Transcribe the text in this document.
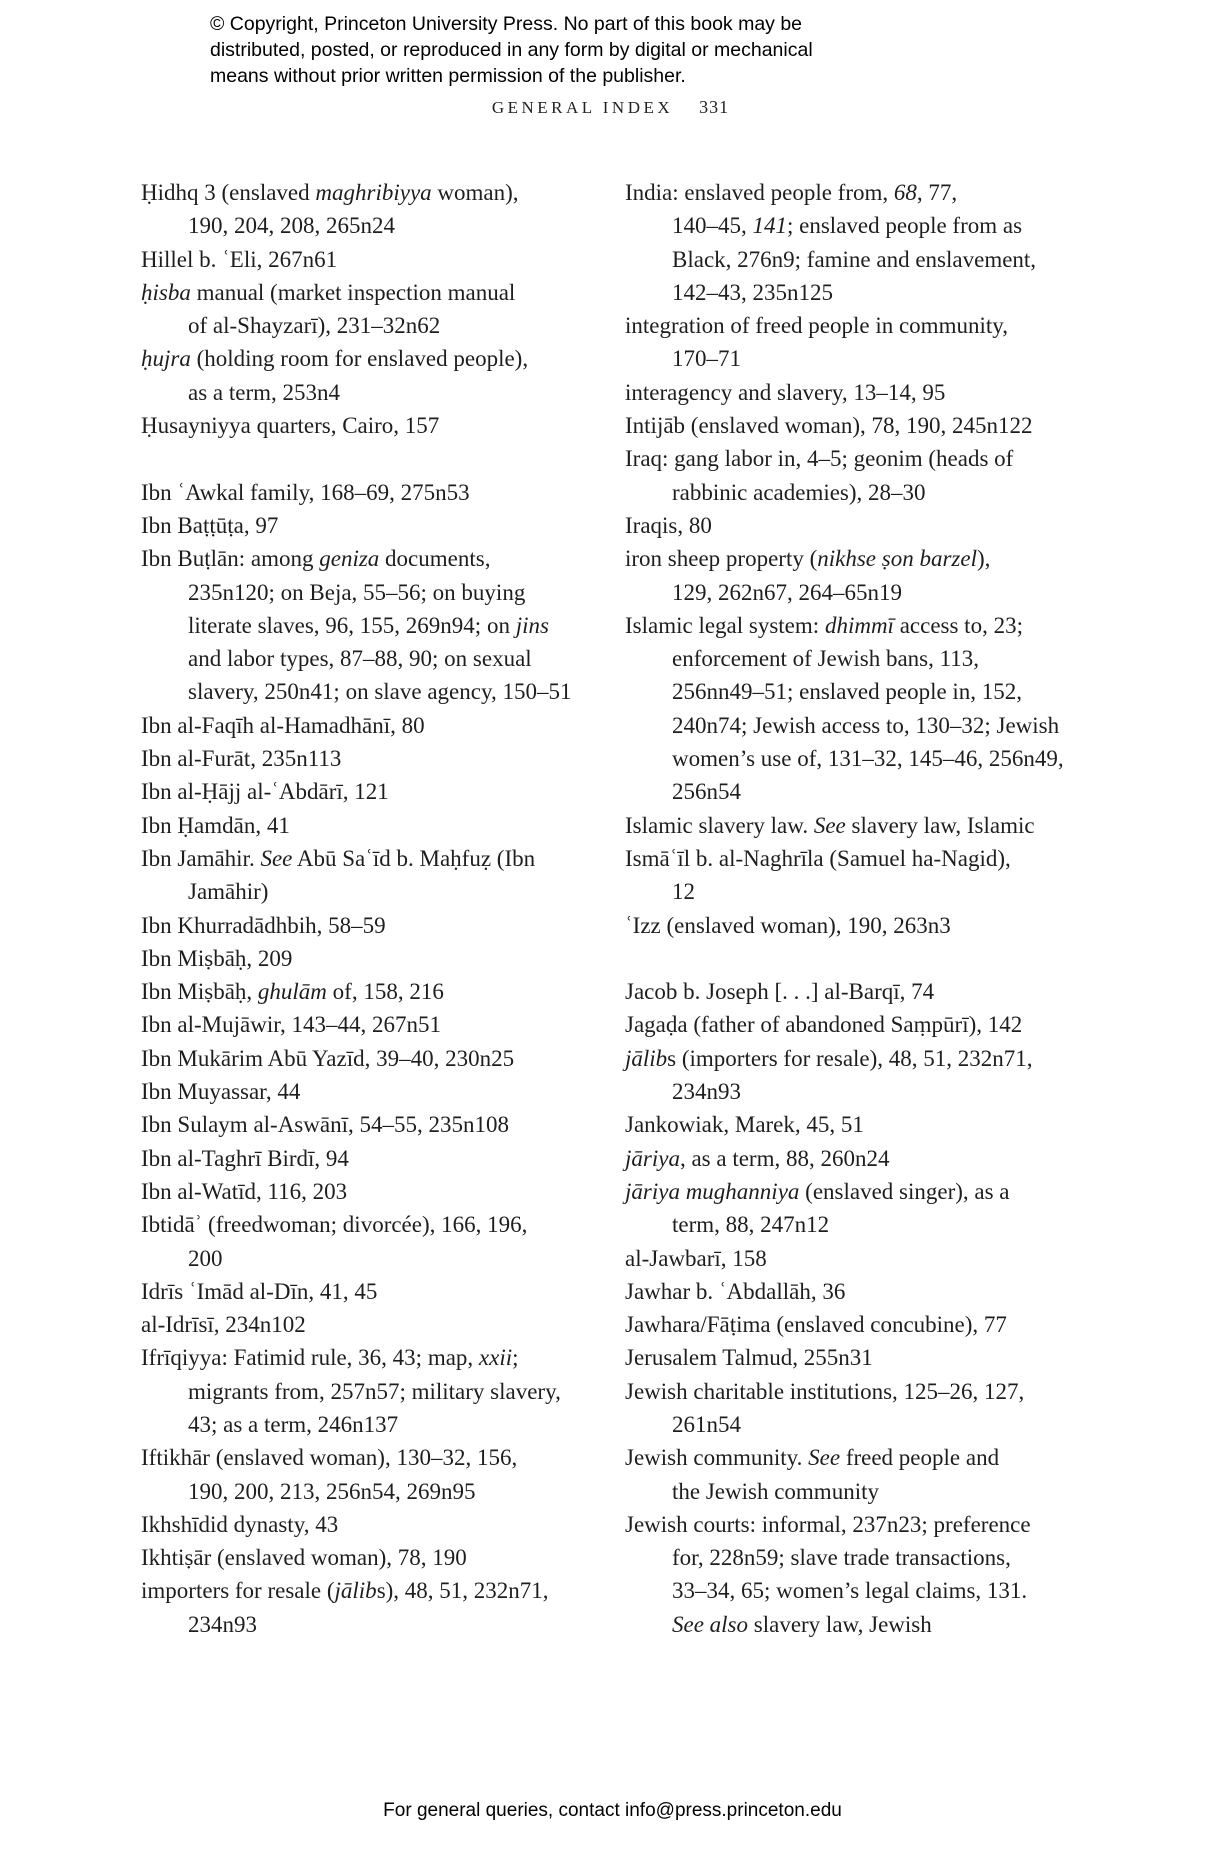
© Copyright, Princeton University Press. No part of this book may be
distributed, posted, or reproduced in any form by digital or mechanical
means without prior written permission of the publisher.
GENERAL INDEX 331
Ḥidhq 3 (enslaved maghribiyya woman),
190, 204, 208, 265n24
Hillel b. ʿEli, 267n61
ḥisba manual (market inspection manual
of al-Shayzarī), 231–32n62
ḥujra (holding room for enslaved people),
as a term, 253n4
Ḥusayniyya quarters, Cairo, 157
Ibn ʿAwkal family, 168–69, 275n53
Ibn Baṭṭūṭa, 97
Ibn Buṭlān: among geniza documents,
235n120; on Beja, 55–56; on buying
literate slaves, 96, 155, 269n94; on jins
and labor types, 87–88, 90; on sexual
slavery, 250n41; on slave agency, 150–51
Ibn al-Faqīh al-Hamadhānī, 80
Ibn al-Furāt, 235n113
Ibn al-Ḥājj al-ʿAbdārī, 121
Ibn Ḥamdān, 41
Ibn Jamāhir. See Abū Saʿīd b. Maḥfuẓ (Ibn
Jamāhir)
Ibn Khurradādhbih, 58–59
Ibn Miṣbāḥ, 209
Ibn Miṣbāḥ, ghulām of, 158, 216
Ibn al-Mujāwir, 143–44, 267n51
Ibn Mukārim Abū Yazīd, 39–40, 230n25
Ibn Muyassar, 44
Ibn Sulaym al-Aswānī, 54–55, 235n108
Ibn al-Taghrī Birdī, 94
Ibn al-Watīd, 116, 203
Ibtidāʾ (freedwoman; divorcée), 166, 196,
200
Idrīs ʿImād al-Dīn, 41, 45
al-Idrīsī, 234n102
Ifrīqiyya: Fatimid rule, 36, 43; map, xxii;
migrants from, 257n57; military slavery,
43; as a term, 246n137
Iftikhār (enslaved woman), 130–32, 156,
190, 200, 213, 256n54, 269n95
Ikhshīdid dynasty, 43
Ikhtiṣār (enslaved woman), 78, 190
importers for resale (jālibs), 48, 51, 232n71,
234n93
India: enslaved people from, 68, 77,
140–45, 141; enslaved people from as
Black, 276n9; famine and enslavement,
142–43, 235n125
integration of freed people in community,
170–71
interagency and slavery, 13–14, 95
Intijāb (enslaved woman), 78, 190, 245n122
Iraq: gang labor in, 4–5; geonim (heads of
rabbinic academies), 28–30
Iraqis, 80
iron sheep property (nikhse ṣon barzel),
129, 262n67, 264–65n19
Islamic legal system: dhimmī access to, 23;
enforcement of Jewish bans, 113,
256nn49–51; enslaved people in, 152,
240n74; Jewish access to, 130–32; Jewish
women’s use of, 131–32, 145–46, 256n49,
256n54
Islamic slavery law. See slavery law, Islamic
Ismāʿīl b. al-Naghrīla (Samuel ha-Nagid),
12
ʿIzz (enslaved woman), 190, 263n3
Jacob b. Joseph [. . .] al-Barqī, 74
Jagaḍa (father of abandoned Saṃpūrī), 142
jālibs (importers for resale), 48, 51, 232n71,
234n93
Jankowiak, Marek, 45, 51
jāriya, as a term, 88, 260n24
jāriya mughanniya (enslaved singer), as a
term, 88, 247n12
al-Jawbarī, 158
Jawhar b. ʿAbdallāh, 36
Jawhara/Fāṭima (enslaved concubine), 77
Jerusalem Talmud, 255n31
Jewish charitable institutions, 125–26, 127,
261n54
Jewish community. See freed people and
the Jewish community
Jewish courts: informal, 237n23; preference
for, 228n59; slave trade transactions,
33–34, 65; women’s legal claims, 131.
See also slavery law, Jewish
For general queries, contact info@press.princeton.edu
